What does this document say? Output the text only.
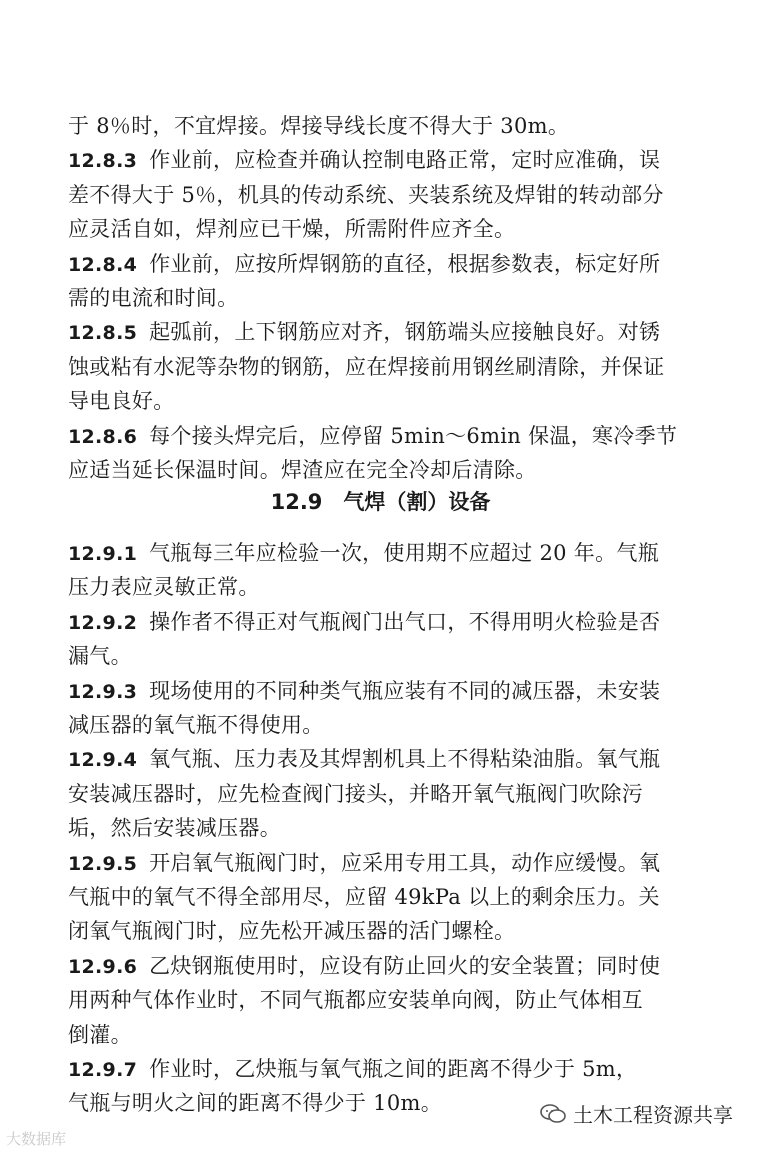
于 8％时，不宜焊接。焊接导线长度不得大于 30m。
12.8.3 作业前，应检查并确认控制电路正常，定时应准确，误
差不得大于 5％，机具的传动系统、夹装系统及焊钳的转动部分
应灵活自如，焊剂应已干燥，所需附件应齐全。
12.8.4 作业前，应按所焊钢筋的直径，根据参数表，标定好所
需的电流和时间。
12.8.5 起弧前，上下钢筋应对齐，钢筋端头应接触良好。对锈
蚀或粘有水泥等杂物的钢筋，应在焊接前用钢丝刷清除，并保证
导电良好。
12.8.6 每个接头焊完后，应停留 5min～6min 保温，寒冷季节
应适当延长保温时间。焊渣应在完全冷却后清除。
12.9　气焊（割）设备
12.9.1 气瓶每三年应检验一次，使用期不应超过 20 年。气瓶
压力表应灵敏正常。
12.9.2 操作者不得正对气瓶阀门出气口，不得用明火检验是否
漏气。
12.9.3 现场使用的不同种类气瓶应装有不同的减压器，未安装
减压器的氧气瓶不得使用。
12.9.4 氧气瓶、压力表及其焊割机具上不得粘染油脂。氧气瓶
安装减压器时，应先检查阀门接头，并略开氧气瓶阀门吹除污
垢，然后安装减压器。
12.9.5 开启氧气瓶阀门时，应采用专用工具，动作应缓慢。氧
气瓶中的氧气不得全部用尽，应留 49kPa 以上的剩余压力。关
闭氧气瓶阀门时，应先松开减压器的活门螺栓。
12.9.6 乙炔钢瓶使用时，应设有防止回火的安全装置；同时使
用两种气体作业时，不同气瓶都应安装单向阀，防止气体相互
倒灌。
12.9.7 作业时，乙炔瓶与氧气瓶之间的距离不得少于 5m，
气瓶与明火之间的距离不得少于 10m。
大数据库
土木工程资源共享
